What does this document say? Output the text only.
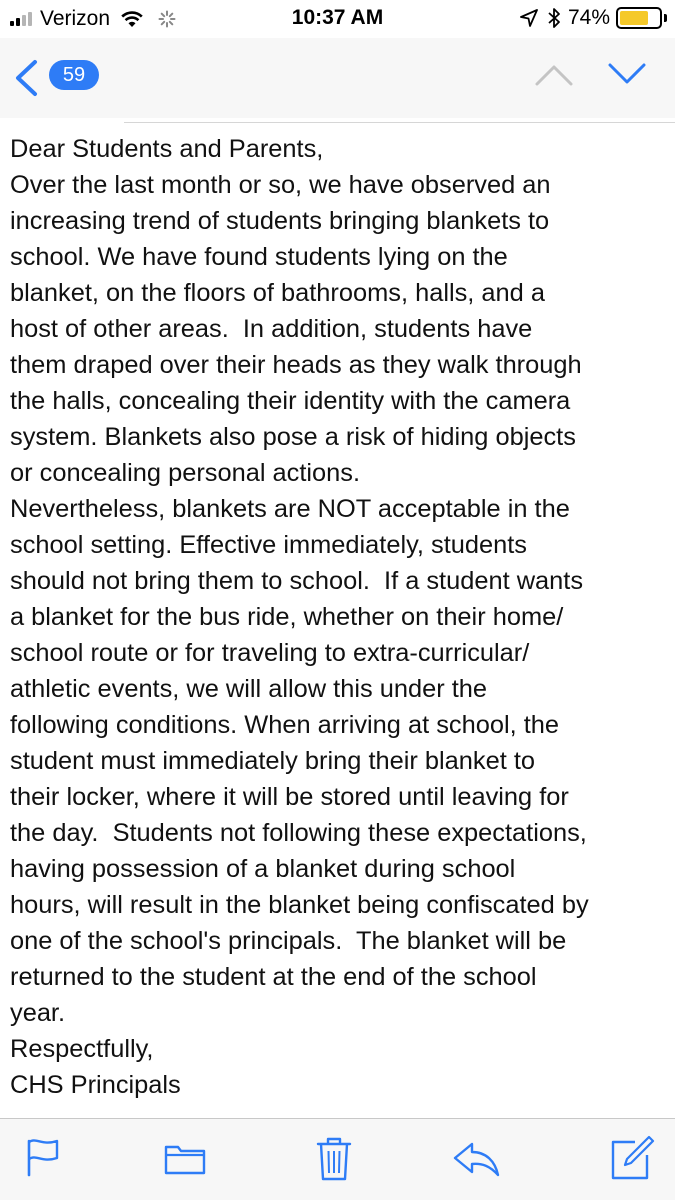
Verizon	10:37 AM	74%
59
Dear Students and Parents,
Over the last month or so, we have observed an
increasing trend of students bringing blankets to
school. We have found students lying on the
blanket, on the floors of bathrooms, halls, and a
host of other areas.  In addition, students have
them draped over their heads as they walk through
the halls, concealing their identity with the camera
system. Blankets also pose a risk of hiding objects
or concealing personal actions.
Nevertheless, blankets are NOT acceptable in the
school setting. Effective immediately, students
should not bring them to school.  If a student wants
a blanket for the bus ride, whether on their home/
school route or for traveling to extra-curricular/
athletic events, we will allow this under the
following conditions. When arriving at school, the
student must immediately bring their blanket to
their locker, where it will be stored until leaving for
the day.  Students not following these expectations,
having possession of a blanket during school
hours, will result in the blanket being confiscated by
one of the school's principals.  The blanket will be
returned to the student at the end of the school
year.
Respectfully,
CHS Principals
